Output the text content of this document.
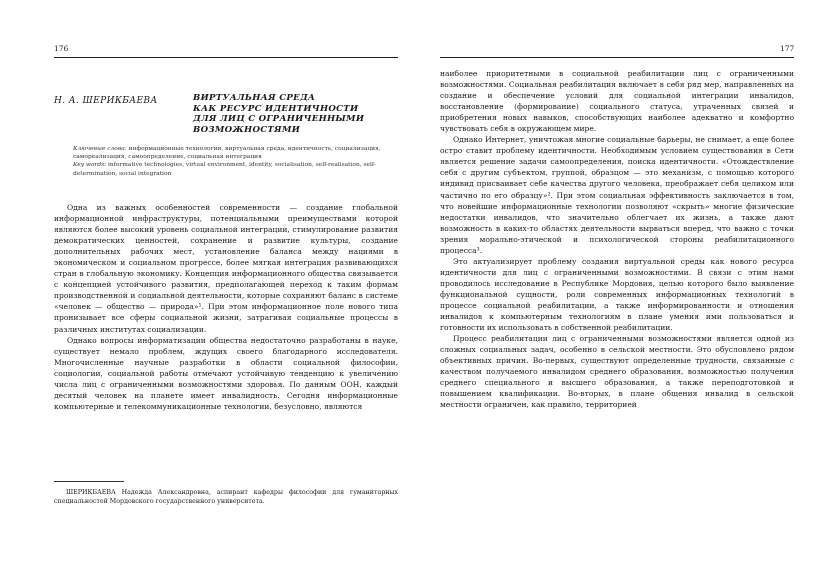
176
Н. А. ШЕРИКБАЕВА	ВИРТУАЛЬНАЯ СРЕДА
КАК РЕСУРС ИДЕНТИЧНОСТИ
ДЛЯ ЛИЦ С ОГРАНИЧЕННЫМИ
ВОЗМОЖНОСТЯМИ
Ключевые слова: информационные технологии, виртуальная среда, идентичность, социализация, самореализация, самоопределение, социальная интеграция
Key words: informative technologies, virtual environment, identity, socialisation, self-realisation, self-determination, social integration

Одна из важных особенностей современности — создание глобальной информационной инфраструктуры, потенциальными преимуществами которой являются более высокий уровень социальной интеграции, стимулирование развития демократических ценностей, сохранение и развитие культуры, создание дополнительных рабочих мест, установление баланса между нациями в экономическом и социальном прогрессе, более мягкая интеграция развивающихся стран в глобальную экономику. Концепция информационного общества связывается с концепцией устойчивого развития, предполагающей переход к таким формам производственной и социальной деятельности, которые сохраняют баланс в системе «человек — общество — природа»¹. При этом информационное поле нового типа пронизывает все сферы социальной жизни, затрагивая социальные процессы в различных институтах социализации.

Однако вопросы информатизации общества недостаточно разработаны в науке, существует немало проблем, ждущих своего благодарного исследователя. Многочисленные научные разработки в области социальной философии, социологии, социальной работы отмечают устойчивую тенденцию к увеличению числа лиц с ограниченными возможностями здоровья. По данным ООН, каждый десятый человек на планете имеет инвалидность. Сегодня информационные компьютерные и телекоммуникационные технологии, безусловно, являются

ШЕРИКБАЕВА Надежда Александровна, аспирант кафедры философии для гуманитарных специальностей Мордовского государственного университета.
177

наиболее приоритетными в социальной реабилитации лиц с ограниченными возможностями. Социальная реабилитация включает в себя ряд мер, направленных на создание и обеспечение условий для социальной интеграции инвалидов, восстановление (формирование) социального статуса, утраченных связей и приобретения новых навыков, способствующих наиболее адекватно и комфортно чувствовать себя в окружающем мире.

Однако Интернет, уничтожая многие социальные барьеры, не снимает, а еще более остро ставит проблему идентичности. Необходимым условием существования в Сети является решение задачи самоопределения, поиска идентичности. «Отождествление себя с другим субъектом, группой, образцом — это механизм, с помощью которого индивид присваивает себе качества другого человека, преображает себя целиком или частично по его образцу»². При этом социальная эффективность заключается в том, что новейшие информационные технологии позволяют «скрыть» многие физические недостатки инвалидов, что значительно облегчает их жизнь, а также дают возможность в каких-то областях деятельности вырваться вперед, что важно с точки зрения морально-этической и психологической стороны реабилитационного процесса³.

Это актуализирует проблему создания виртуальной среды как нового ресурса идентичности для лиц с ограниченными возможностями. В связи с этим нами проводилось исследование в Республике Мордовия, целью которого было выявление функциональной сущности, роли современных информационных технологий в процессе социальной реабилитации, а также информированности и отношения инвалидов к компьютерным технологиям в плане умения ими пользоваться и готовности их использовать в собственной реабилитации.

Процесс реабилитации лиц с ограниченными возможностями является одной из сложных социальных задач, особенно в сельской местности. Это обусловлено рядом объективных причин. Во-первых, существуют определенные трудности, связанные с качеством получаемого инвалидом среднего образования, возможностью получения среднего специального и высшего образования, а также переподготовкой и повышением квалификации. Во-вторых, в плане общения инвалид в сельской местности ограничен, как правило, территорией
